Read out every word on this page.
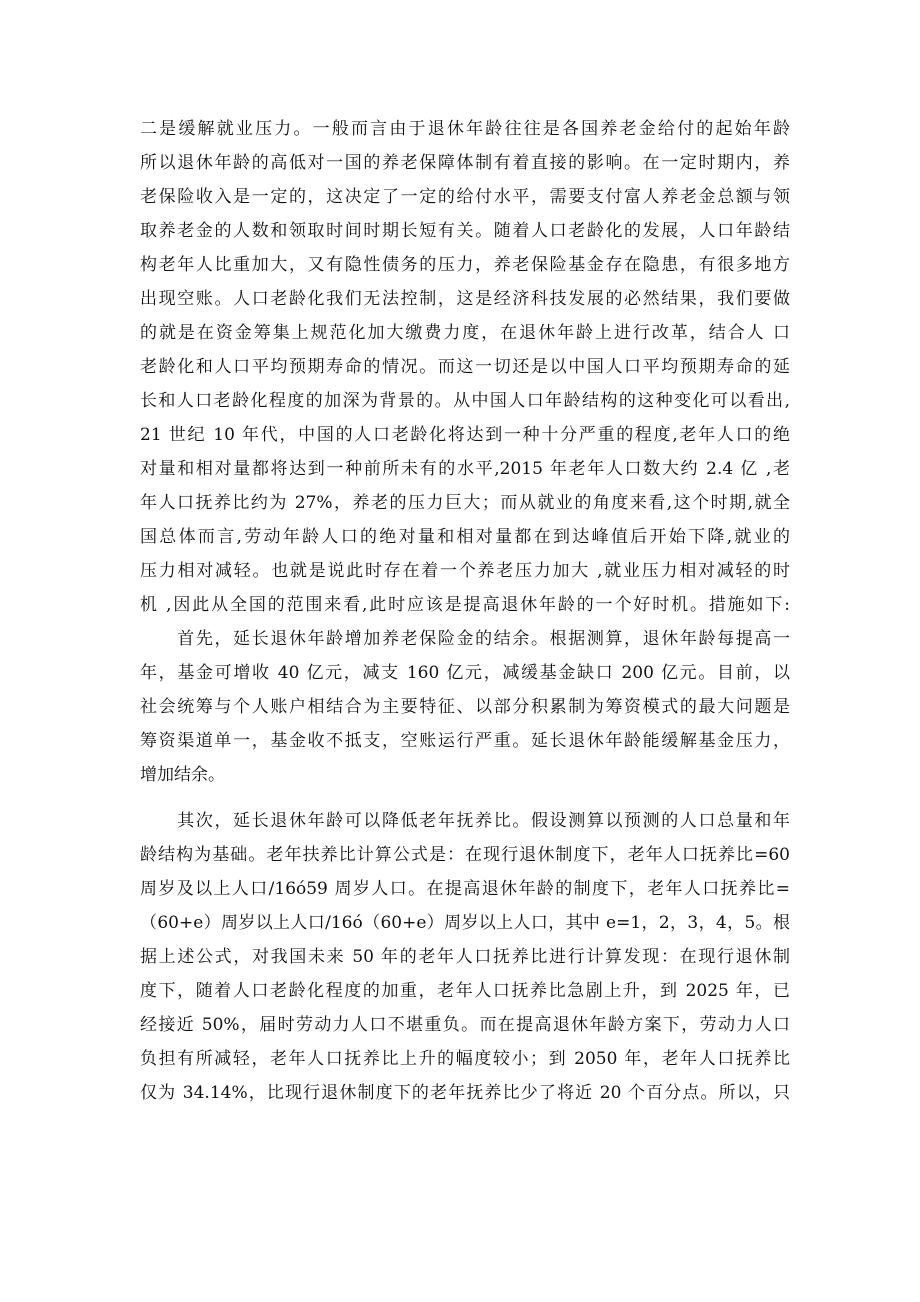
二是缓解就业压力。一般而言由于退休年龄往往是各国养老金给付的起始年龄
所以退休年龄的高低对一国的养老保障体制有着直接的影响。在一定时期内，养
老保险收入是一定的，这决定了一定的给付水平，需要支付富人养老金总额与领
取养老金的人数和领取时间时期长短有关。随着人口老龄化的发展，人口年龄结
构老年人比重加大，又有隐性债务的压力，养老保险基金存在隐患，有很多地方
出现空账。人口老龄化我们无法控制，这是经济科技发展的必然结果，我们要做
的就是在资金筹集上规范化加大缴费力度，在退休年龄上进行改革，结合人 口
老龄化和人口平均预期寿命的情况。而这一切还是以中国人口平均预期寿命的延
长和人口老龄化程度的加深为背景的。从中国人口年龄结构的这种变化可以看出,
21 世纪 10 年代，中国的人口老龄化将达到一种十分严重的程度,老年人口的绝
对量和相对量都将达到一种前所未有的水平,2015 年老年人口数大约 2.4 亿 ,老
年人口抚养比约为 27%，养老的压力巨大；而从就业的角度来看,这个时期,就全
国总体而言,劳动年龄人口的绝对量和相对量都在到达峰值后开始下降,就业的
压力相对减轻。也就是说此时存在着一个养老压力加大 ,就业压力相对减轻的时
机 ,因此从全国的范围来看,此时应该是提高退休年龄的一个好时机。措施如下:
　　首先，延长退休年龄增加养老保险金的结余。根据测算，退休年龄每提高一
年，基金可增收 40 亿元，减支 160 亿元，减缓基金缺口 200 亿元。目前，以
社会统筹与个人账户相结合为主要特征、以部分积累制为筹资模式的最大问题是
筹资渠道单一，基金收不抵支，空账运行严重。延长退休年龄能缓解基金压力，
增加结余。
　　其次，延长退休年龄可以降低老年抚养比。假设测算以预测的人口总量和年
龄结构为基础。老年扶养比计算公式是：在现行退休制度下，老年人口抚养比=60
周岁及以上人口/16ó59 周岁人口。在提高退休年龄的制度下，老年人口抚养比=
（60+e）周岁以上人口/16ó（60+e）周岁以上人口，其中 e=1，2，3，4，5。根
据上述公式，对我国未来 50 年的老年人口抚养比进行计算发现：在现行退休制
度下，随着人口老龄化程度的加重，老年人口抚养比急剧上升，到 2025 年，已
经接近 50%，届时劳动力人口不堪重负。而在提高退休年龄方案下，劳动力人口
负担有所减轻，老年人口抚养比上升的幅度较小；到 2050 年，老年人口抚养比
仅为 34.14%，比现行退休制度下的老年抚养比少了将近 20 个百分点。所以，只
